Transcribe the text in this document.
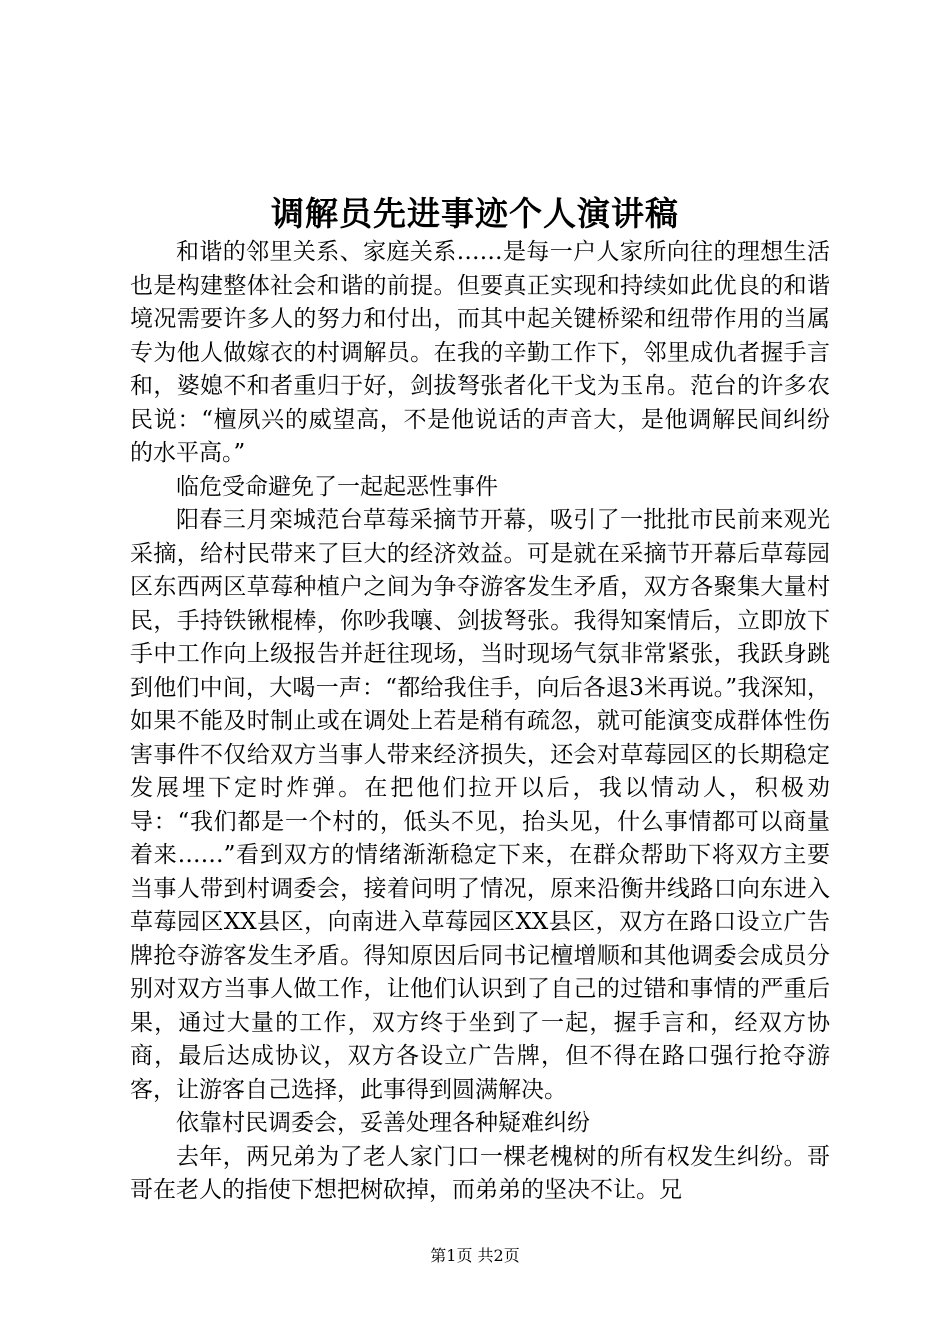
调解员先进事迹个人演讲稿

和谐的邻里关系、家庭关系……是每一户人家所向往的理想生活也是构建整体社会和谐的前提。但要真正实现和持续如此优良的和谐境况需要许多人的努力和付出，而其中起关键桥梁和纽带作用的当属专为他人做嫁衣的村调解员。在我的辛勤工作下，邻里成仇者握手言和，婆媳不和者重归于好，剑拔弩张者化干戈为玉帛。范台的许多农民说：“檀夙兴的威望高，不是他说话的声音大，是他调解民间纠纷的水平高。”

临危受命避免了一起起恶性事件

阳春三月栾城范台草莓采摘节开幕，吸引了一批批市民前来观光采摘，给村民带来了巨大的经济效益。可是就在采摘节开幕后草莓园区东西两区草莓种植户之间为争夺游客发生矛盾，双方各聚集大量村民，手持铁锹棍棒，你吵我嚷、剑拔弩张。我得知案情后，立即放下手中工作向上级报告并赶往现场，当时现场气氛非常紧张，我跃身跳到他们中间，大喝一声：“都给我住手，向后各退3米再说。”我深知，如果不能及时制止或在调处上若是稍有疏忽，就可能演变成群体性伤害事件不仅给双方当事人带来经济损失，还会对草莓园区的长期稳定发展埋下定时炸弹。在把他们拉开以后，我以情动人，积极劝导：“我们都是一个村的，低头不见，抬头见，什么事情都可以商量着来……”看到双方的情绪渐渐稳定下来，在群众帮助下将双方主要当事人带到村调委会，接着问明了情况，原来沿衡井线路口向东进入草莓园区XX县区，向南进入草莓园区XX县区，双方在路口设立广告牌抢夺游客发生矛盾。得知原因后同书记檀增顺和其他调委会成员分别对双方当事人做工作，让他们认识到了自己的过错和事情的严重后果，通过大量的工作，双方终于坐到了一起，握手言和，经双方协商，最后达成协议，双方各设立广告牌，但不得在路口强行抢夺游客，让游客自己选择，此事得到圆满解决。

依靠村民调委会，妥善处理各种疑难纠纷

去年，两兄弟为了老人家门口一棵老槐树的所有权发生纠纷。哥哥在老人的指使下想把树砍掉，而弟弟的坚决不让。兄

第1页 共2页
